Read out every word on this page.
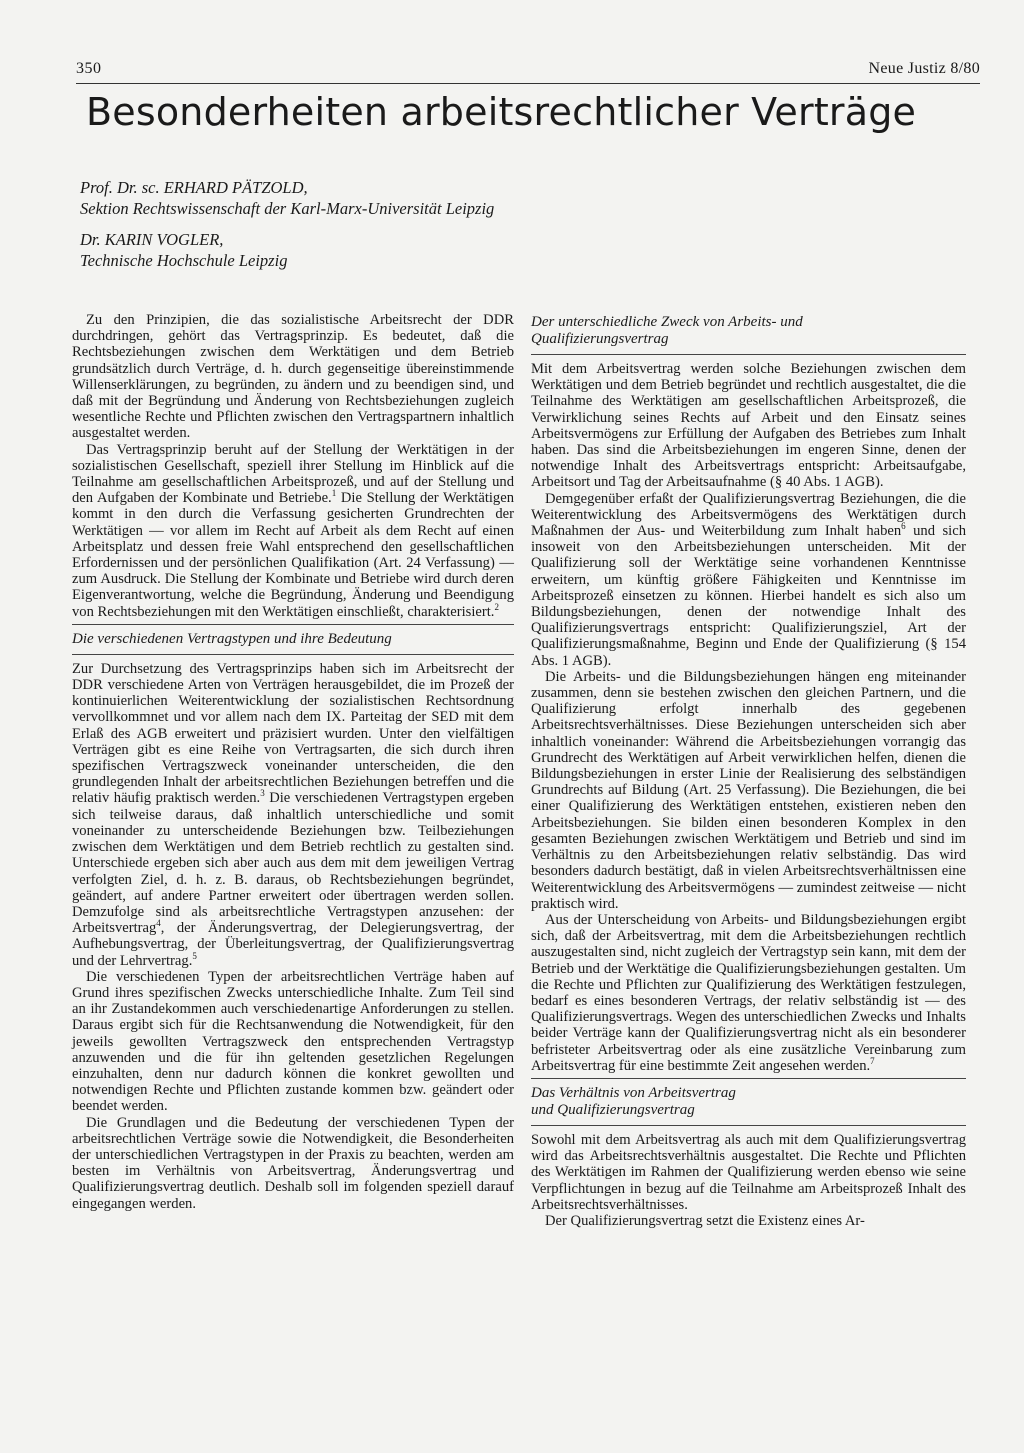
350	Neue Justiz 8/80
Besonderheiten arbeitsrechtlicher Verträge
Prof. Dr. sc. ERHARD PÄTZOLD,
Sektion Rechtswissenschaft der Karl-Marx-Universität Leipzig
Dr. KARIN VOGLER,
Technische Hochschule Leipzig

Zu den Prinzipien, die das sozialistische Arbeitsrecht der DDR durchdringen, gehört das Vertragsprinzip. Es bedeutet, daß die Rechtsbeziehungen zwischen dem Werktätigen und dem Betrieb grundsätzlich durch Verträge, d. h. durch gegenseitige übereinstimmende Willenserklärungen, zu begründen, zu ändern und zu beendigen sind, und daß mit der Begründung und Änderung von Rechtsbeziehungen zugleich wesentliche Rechte und Pflichten zwischen den Vertragspartnern inhaltlich ausgestaltet werden.

Das Vertragsprinzip beruht auf der Stellung der Werktätigen in der sozialistischen Gesellschaft, speziell ihrer Stellung im Hinblick auf die Teilnahme am gesellschaftlichen Arbeitsprozeß, und auf der Stellung und den Aufgaben der Kombinate und Betriebe.$^1$ Die Stellung der Werktätigen kommt in den durch die Verfassung gesicherten Grundrechten der Werktätigen — vor allem im Recht auf Arbeit als dem Recht auf einen Arbeitsplatz und dessen freie Wahl entsprechend den gesellschaftlichen Erfordernissen und der persönlichen Qualifikation (Art. 24 Verfassung) — zum Ausdruck. Die Stellung der Kombinate und Betriebe wird durch deren Eigenverantwortung, welche die Begründung, Änderung und Beendigung von Rechtsbeziehungen mit den Werktätigen einschließt, charakterisiert.$^2$

Die verschiedenen Vertragstypen und ihre Bedeutung

Zur Durchsetzung des Vertragsprinzips haben sich im Arbeitsrecht der DDR verschiedene Arten von Verträgen herausgebildet, die im Prozeß der kontinuierlichen Weiterentwicklung der sozialistischen Rechtsordnung vervollkommnet und vor allem nach dem IX. Parteitag der SED mit dem Erlaß des AGB erweitert und präzisiert wurden. Unter den vielfältigen Verträgen gibt es eine Reihe von Vertragsarten, die sich durch ihren spezifischen Vertragszweck voneinander unterscheiden, die den grundlegenden Inhalt der arbeitsrechtlichen Beziehungen betreffen und die relativ häufig praktisch werden.$^3$ Die verschiedenen Vertragstypen ergeben sich teilweise daraus, daß inhaltlich unterschiedliche und somit voneinander zu unterscheidende Beziehungen bzw. Teilbeziehungen zwischen dem Werktätigen und dem Betrieb rechtlich zu gestalten sind. Unterschiede ergeben sich aber auch aus dem mit dem jeweiligen Vertrag verfolgten Ziel, d. h. z. B. daraus, ob Rechtsbeziehungen begründet, geändert, auf andere Partner erweitert oder übertragen werden sollen. Demzufolge sind als arbeitsrechtliche Vertragstypen anzusehen: der Arbeitsvertrag$^4$, der Änderungsvertrag, der Delegierungsvertrag, der Aufhebungsvertrag, der Überleitungsvertrag, der Qualifizierungsvertrag und der Lehrvertrag.$^5$

Die verschiedenen Typen der arbeitsrechtlichen Verträge haben auf Grund ihres spezifischen Zwecks unterschiedliche Inhalte. Zum Teil sind an ihr Zustandekommen auch verschiedenartige Anforderungen zu stellen. Daraus ergibt sich für die Rechtsanwendung die Notwendigkeit, für den jeweils gewollten Vertragszweck den entsprechenden Vertragstyp anzuwenden und die für ihn geltenden gesetzlichen Regelungen einzuhalten, denn nur dadurch können die konkret gewollten und notwendigen Rechte und Pflichten zustande kommen bzw. geändert oder beendet werden.

Die Grundlagen und die Bedeutung der verschiedenen Typen der arbeitsrechtlichen Verträge sowie die Notwendigkeit, die Besonderheiten der unterschiedlichen Vertragstypen in der Praxis zu beachten, werden am besten im Verhältnis von Arbeitsvertrag, Änderungsvertrag und Qualifizierungsvertrag deutlich. Deshalb soll im folgenden speziell darauf eingegangen werden.

Der unterschiedliche Zweck von Arbeits- und
Qualifizierungsvertrag

Mit dem Arbeitsvertrag werden solche Beziehungen zwischen dem Werktätigen und dem Betrieb begründet und rechtlich ausgestaltet, die die Teilnahme des Werktätigen am gesellschaftlichen Arbeitsprozeß, die Verwirklichung seines Rechts auf Arbeit und den Einsatz seines Arbeitsvermögens zur Erfüllung der Aufgaben des Betriebes zum Inhalt haben. Das sind die Arbeitsbeziehungen im engeren Sinne, denen der notwendige Inhalt des Arbeitsvertrags entspricht: Arbeitsaufgabe, Arbeitsort und Tag der Arbeitsaufnahme (§ 40 Abs. 1 AGB).

Demgegenüber erfaßt der Qualifizierungsvertrag Beziehungen, die die Weiterentwicklung des Arbeitsvermögens des Werktätigen durch Maßnahmen der Aus- und Weiterbildung zum Inhalt haben$^6$ und sich insoweit von den Arbeitsbeziehungen unterscheiden. Mit der Qualifizierung soll der Werktätige seine vorhandenen Kenntnisse erweitern, um künftig größere Fähigkeiten und Kenntnisse im Arbeitsprozeß einsetzen zu können. Hierbei handelt es sich also um Bildungsbeziehungen, denen der notwendige Inhalt des Qualifizierungsvertrags entspricht: Qualifizierungsziel, Art der Qualifizierungsmaßnahme, Beginn und Ende der Qualifizierung (§ 154 Abs. 1 AGB).

Die Arbeits- und die Bildungsbeziehungen hängen eng miteinander zusammen, denn sie bestehen zwischen den gleichen Partnern, und die Qualifizierung erfolgt innerhalb des gegebenen Arbeitsrechtsverhältnisses. Diese Beziehungen unterscheiden sich aber inhaltlich voneinander: Während die Arbeitsbeziehungen vorrangig das Grundrecht des Werktätigen auf Arbeit verwirklichen helfen, dienen die Bildungsbeziehungen in erster Linie der Realisierung des selbständigen Grundrechts auf Bildung (Art. 25 Verfassung). Die Beziehungen, die bei einer Qualifizierung des Werktätigen entstehen, existieren neben den Arbeitsbeziehungen. Sie bilden einen besonderen Komplex in den gesamten Beziehungen zwischen Werktätigem und Betrieb und sind im Verhältnis zu den Arbeitsbeziehungen relativ selbständig. Das wird besonders dadurch bestätigt, daß in vielen Arbeitsrechtsverhältnissen eine Weiterentwicklung des Arbeitsvermögens — zumindest zeitweise — nicht praktisch wird.

Aus der Unterscheidung von Arbeits- und Bildungsbeziehungen ergibt sich, daß der Arbeitsvertrag, mit dem die Arbeitsbeziehungen rechtlich auszugestalten sind, nicht zugleich der Vertragstyp sein kann, mit dem der Betrieb und der Werktätige die Qualifizierungsbeziehungen gestalten. Um die Rechte und Pflichten zur Qualifizierung des Werktätigen festzulegen, bedarf es eines besonderen Vertrags, der relativ selbständig ist — des Qualifizierungsvertrags. Wegen des unterschiedlichen Zwecks und Inhalts beider Verträge kann der Qualifizierungsvertrag nicht als ein besonderer befristeter Arbeitsvertrag oder als eine zusätzliche Vereinbarung zum Arbeitsvertrag für eine bestimmte Zeit angesehen werden.$^7$

Das Verhältnis von Arbeitsvertrag
und Qualifizierungsvertrag

Sowohl mit dem Arbeitsvertrag als auch mit dem Qualifizierungsvertrag wird das Arbeitsrechtsverhältnis ausgestaltet. Die Rechte und Pflichten des Werktätigen im Rahmen der Qualifizierung werden ebenso wie seine Verpflichtungen in bezug auf die Teilnahme am Arbeitsprozeß Inhalt des Arbeitsrechtsverhältnisses.

Der Qualifizierungsvertrag setzt die Existenz eines Ar-
